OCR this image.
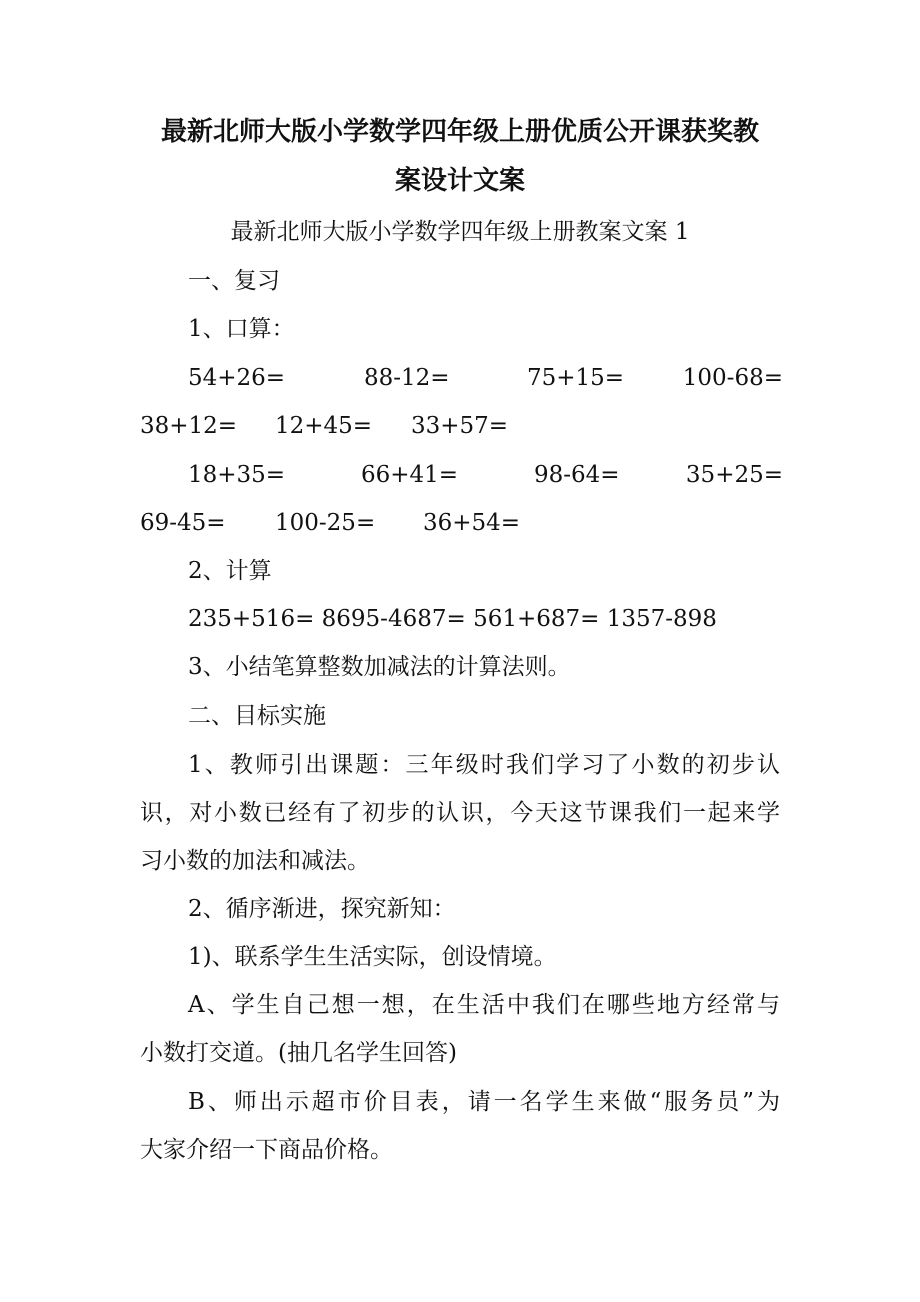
最新北师大版小学数学四年级上册优质公开课获奖教
案设计文案
最新北师大版小学数学四年级上册教案文案 1
一、复习
1、口算：
54+26=	88-12=	75+15=	100-68=
38+12= 12+45= 33+57=
18+35=	66+41=	98-64=	35+25=
69-45= 100-25= 36+54=
2、计算
235+516= 8695-4687= 561+687= 1357-898
3、小结笔算整数加减法的计算法则。
二、目标实施
1、教师引出课题：三年级时我们学习了小数的初步认
识，对小数已经有了初步的认识，今天这节课我们一起来学
习小数的加法和减法。
2、循序渐进，探究新知：
1)、联系学生生活实际，创设情境。
A、学生自己想一想，在生活中我们在哪些地方经常与
小数打交道。(抽几名学生回答)
B、师出示超市价目表，请一名学生来做“服务员”为
大家介绍一下商品价格。
